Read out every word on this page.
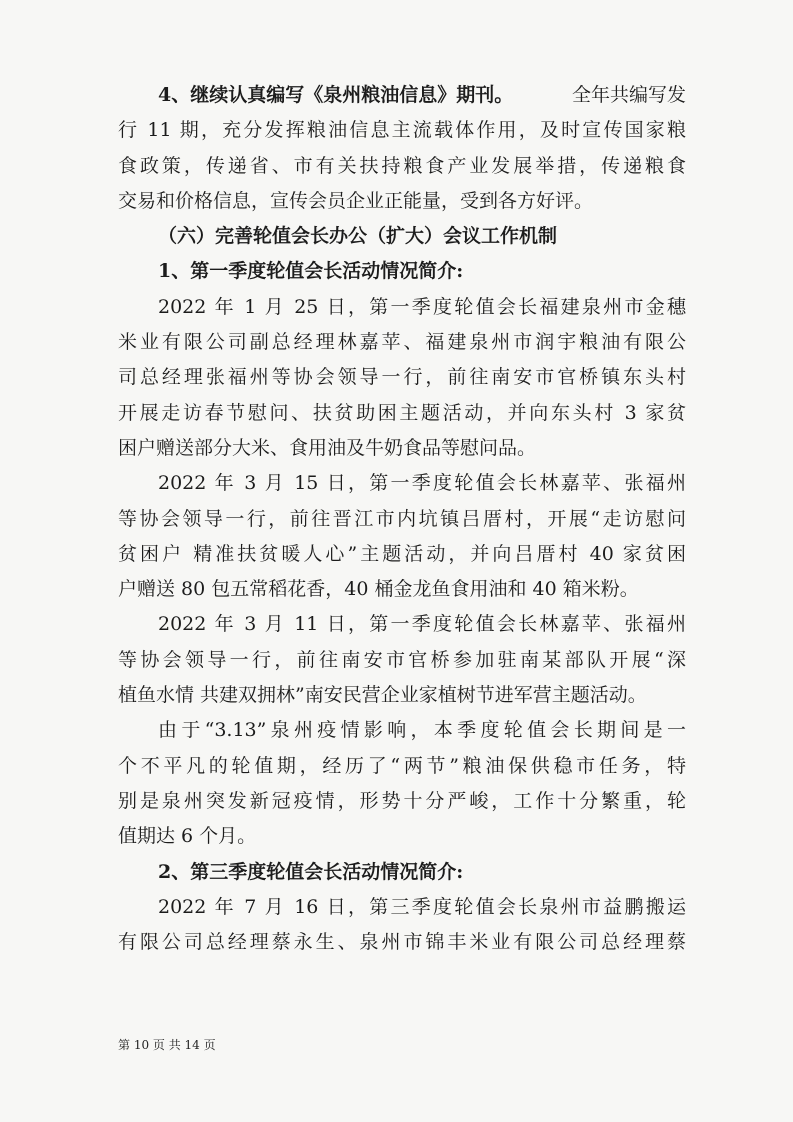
4、继续认真编写《泉州粮油信息》期刊。	全年共编写发
行 11 期，充分发挥粮油信息主流载体作用，及时宣传国家粮
食政策，传递省、市有关扶持粮食产业发展举措，传递粮食
交易和价格信息，宣传会员企业正能量，受到各方好评。
（六）完善轮值会长办公（扩大）会议工作机制
1、第一季度轮值会长活动情况简介:
2022 年 1 月 25 日，第一季度轮值会长福建泉州市金穗
米业有限公司副总经理林嘉苹、福建泉州市润宇粮油有限公
司总经理张福州等协会领导一行，前往南安市官桥镇东头村
开展走访春节慰问、扶贫助困主题活动，并向东头村 3 家贫
困户赠送部分大米、食用油及牛奶食品等慰问品。
2022 年 3 月 15 日，第一季度轮值会长林嘉苹、张福州
等协会领导一行，前往晋江市内坑镇吕厝村，开展“走访慰问
贫困户 精准扶贫暖人心”主题活动，并向吕厝村 40 家贫困
户赠送 80 包五常稻花香，40 桶金龙鱼食用油和 40 箱米粉。
2022 年 3 月 11 日，第一季度轮值会长林嘉苹、张福州
等协会领导一行，前往南安市官桥参加驻南某部队开展“深
植鱼水情 共建双拥林”南安民营企业家植树节进军营主题活动。
由于“3.13”泉州疫情影响，本季度轮值会长期间是一
个不平凡的轮值期，经历了“两节”粮油保供稳市任务，特
别是泉州突发新冠疫情，形势十分严峻，工作十分繁重，轮
值期达 6 个月。
2、第三季度轮值会长活动情况简介:
2022 年 7 月 16 日，第三季度轮值会长泉州市益鹏搬运
有限公司总经理蔡永生、泉州市锦丰米业有限公司总经理蔡
第 10 页 共 14 页
